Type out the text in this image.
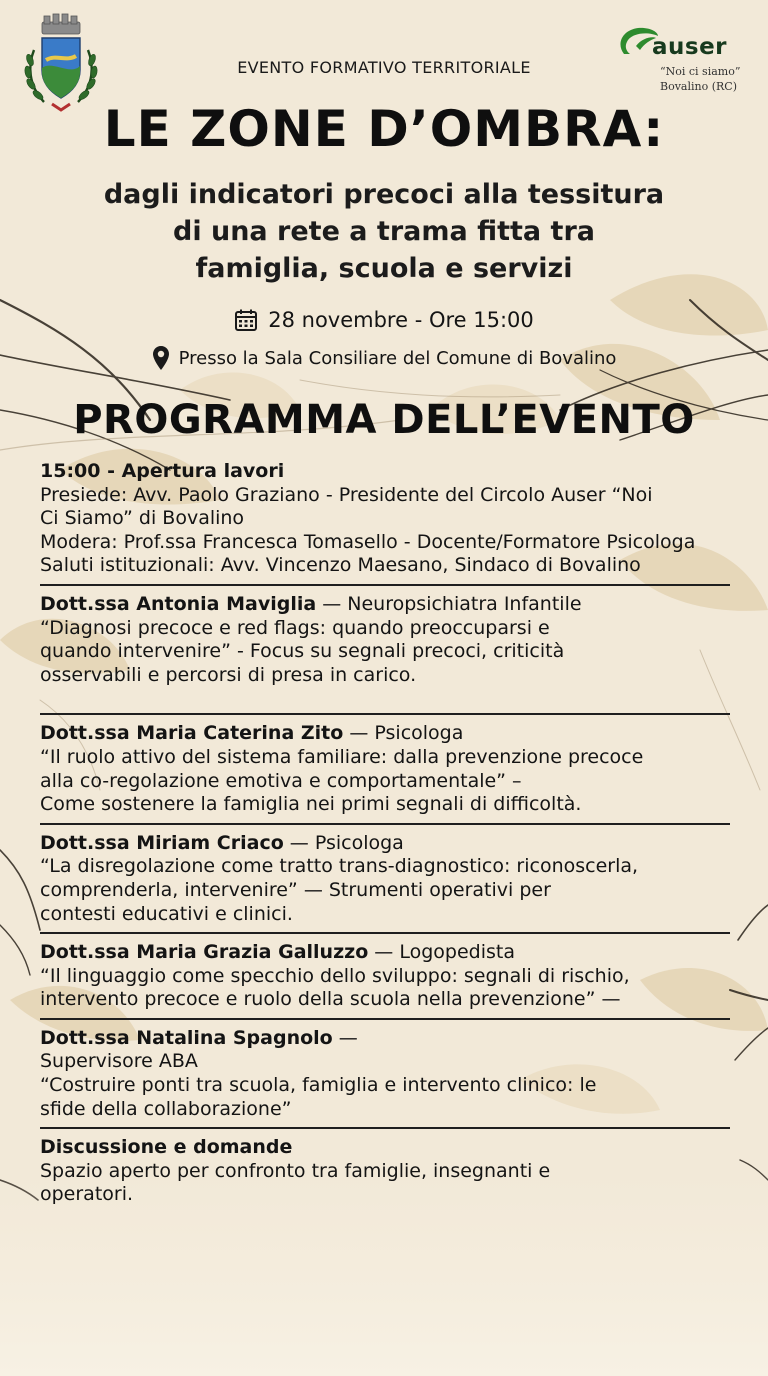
auser
“Noi ci siamo”
Bovalino (RC)
EVENTO FORMATIVO TERRITORIALE
LE ZONE D’OMBRA:
dagli indicatori precoci alla tessitura
di una rete a trama fitta tra
famiglia, scuola e servizi
28 novembre - Ore 15:00
Presso la Sala Consiliare del Comune di Bovalino
PROGRAMMA DELL’EVENTO
15:00 - Apertura lavori
Presiede: Avv. Paolo Graziano - Presidente del Circolo Auser “Noi
Ci Siamo” di Bovalino
Modera: Prof.ssa Francesca Tomasello - Docente/Formatore Psicologa
Saluti istituzionali: Avv. Vincenzo Maesano, Sindaco di Bovalino
Dott.ssa Antonia Maviglia — Neuropsichiatra Infantile
“Diagnosi precoce e red flags: quando preoccuparsi e
quando intervenire” - Focus su segnali precoci, criticità
osservabili e percorsi di presa in carico.
Dott.ssa Maria Caterina Zito — Psicologa
“Il ruolo attivo del sistema familiare: dalla prevenzione precoce
alla co-regolazione emotiva e comportamentale” –
Come sostenere la famiglia nei primi segnali di difficoltà.
Dott.ssa Miriam Criaco — Psicologa
“La disregolazione come tratto trans-diagnostico: riconoscerla,
comprenderla, intervenire” — Strumenti operativi per
contesti educativi e clinici.
Dott.ssa Maria Grazia Galluzzo — Logopedista
“Il linguaggio come specchio dello sviluppo: segnali di rischio,
intervento precoce e ruolo della scuola nella prevenzione” —
Dott.ssa Natalina Spagnolo —
Supervisore ABA
“Costruire ponti tra scuola, famiglia e intervento clinico: le
sfide della collaborazione”
Discussione e domande
Spazio aperto per confronto tra famiglie, insegnanti e
operatori.
